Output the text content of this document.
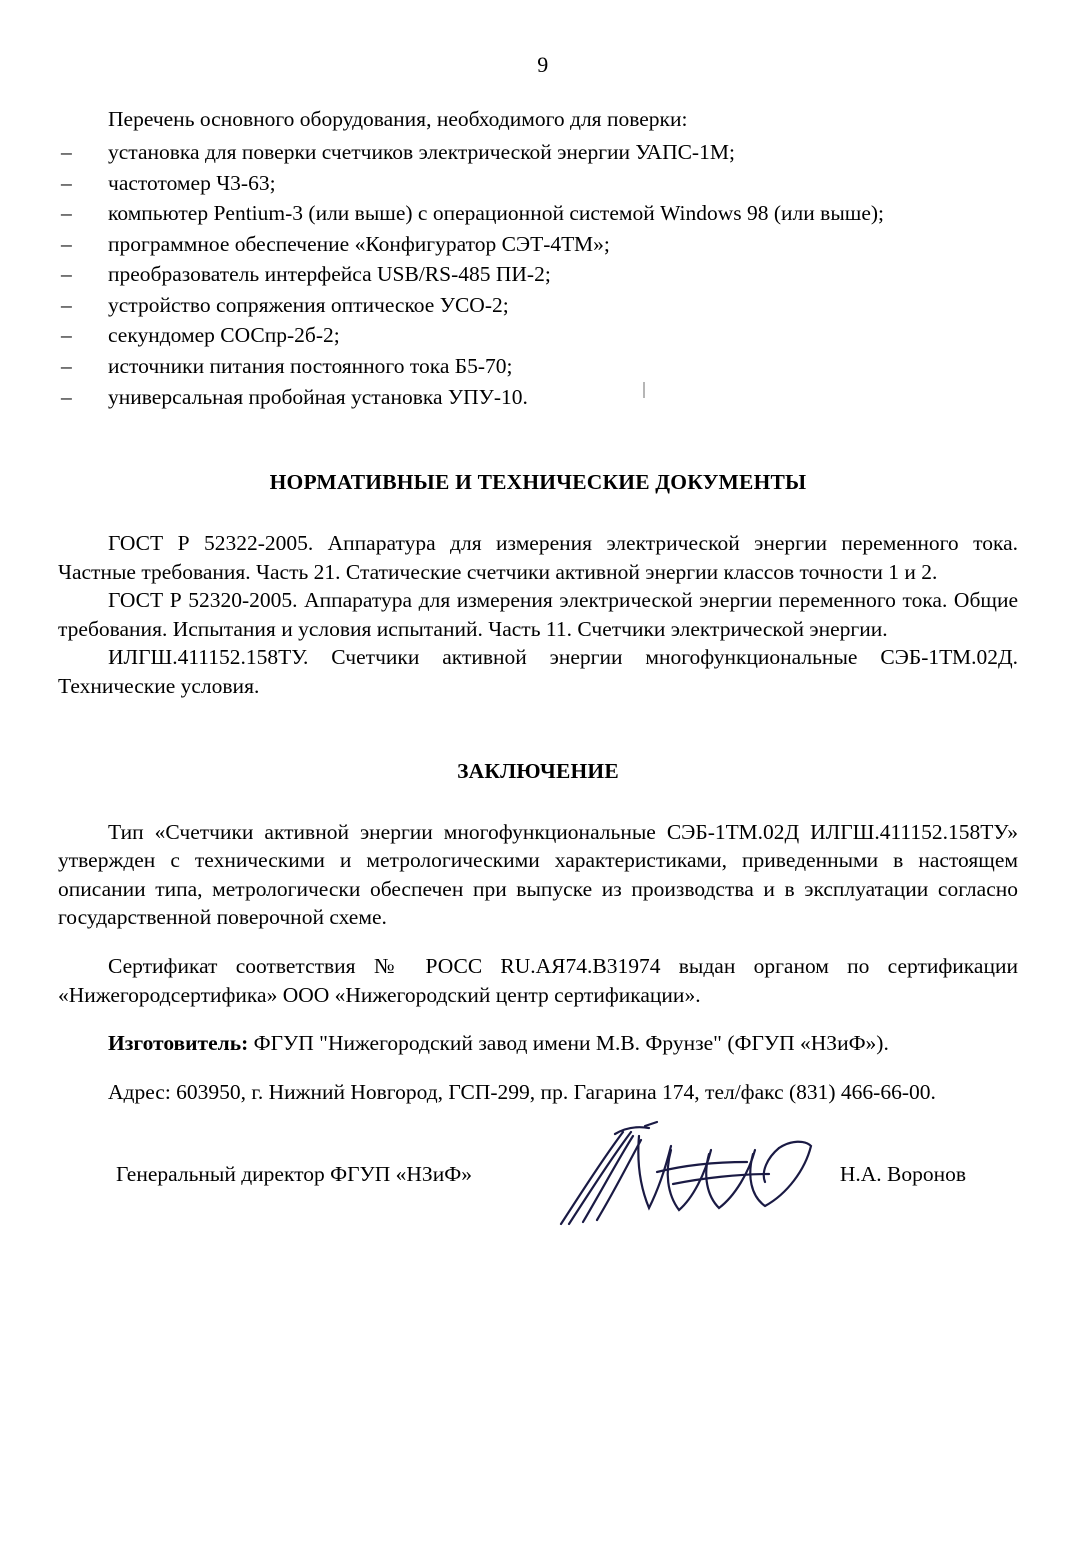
9
Перечень основного оборудования, необходимого для поверки:
– установка для поверки счетчиков электрической энергии УАПС-1М;
– частотомер Ч3-63;
– компьютер Pentium-3 (или выше) с операционной системой Windows 98 (или выше);
– программное обеспечение «Конфигуратор СЭТ-4ТМ»;
– преобразователь интерфейса USB/RS-485 ПИ-2;
– устройство сопряжения оптическое УСО-2;
– секундомер СОСпр-2б-2;
– источники питания постоянного тока Б5-70;
– универсальная пробойная установка УПУ-10.
НОРМАТИВНЫЕ И ТЕХНИЧЕСКИЕ ДОКУМЕНТЫ

ГОСТ Р 52322-2005. Аппаратура для измерения электрической энергии переменного тока. Частные требования. Часть 21. Статические счетчики активной энергии классов точности 1 и 2.

ГОСТ Р 52320-2005. Аппаратура для измерения электрической энергии переменного тока. Общие требования. Испытания и условия испытаний. Часть 11. Счетчики электрической энергии.

ИЛГШ.411152.158ТУ. Счетчики активной энергии многофункциональные СЭБ-1ТМ.02Д. Технические условия.

ЗАКЛЮЧЕНИЕ

Тип «Счетчики активной энергии многофункциональные СЭБ-1ТМ.02Д ИЛГШ.411152.158ТУ» утвержден с техническими и метрологическими характеристиками, приведенными в настоящем описании типа, метрологически обеспечен при выпуске из производства и в эксплуатации согласно государственной поверочной схеме.

Сертификат соответствия № РОСС RU.АЯ74.В31974 выдан органом по сертификации «Нижегородсертифика» ООО «Нижегородский центр сертификации».

Изготовитель: ФГУП "Нижегородский завод имени М.В. Фрунзе" (ФГУП «НЗиФ»).

Адрес: 603950, г. Нижний Новгород, ГСП-299, пр. Гагарина 174, тел/факс (831) 466-66-00.

Генеральный директор ФГУП «НЗиФ»	Н.А. Воронов
